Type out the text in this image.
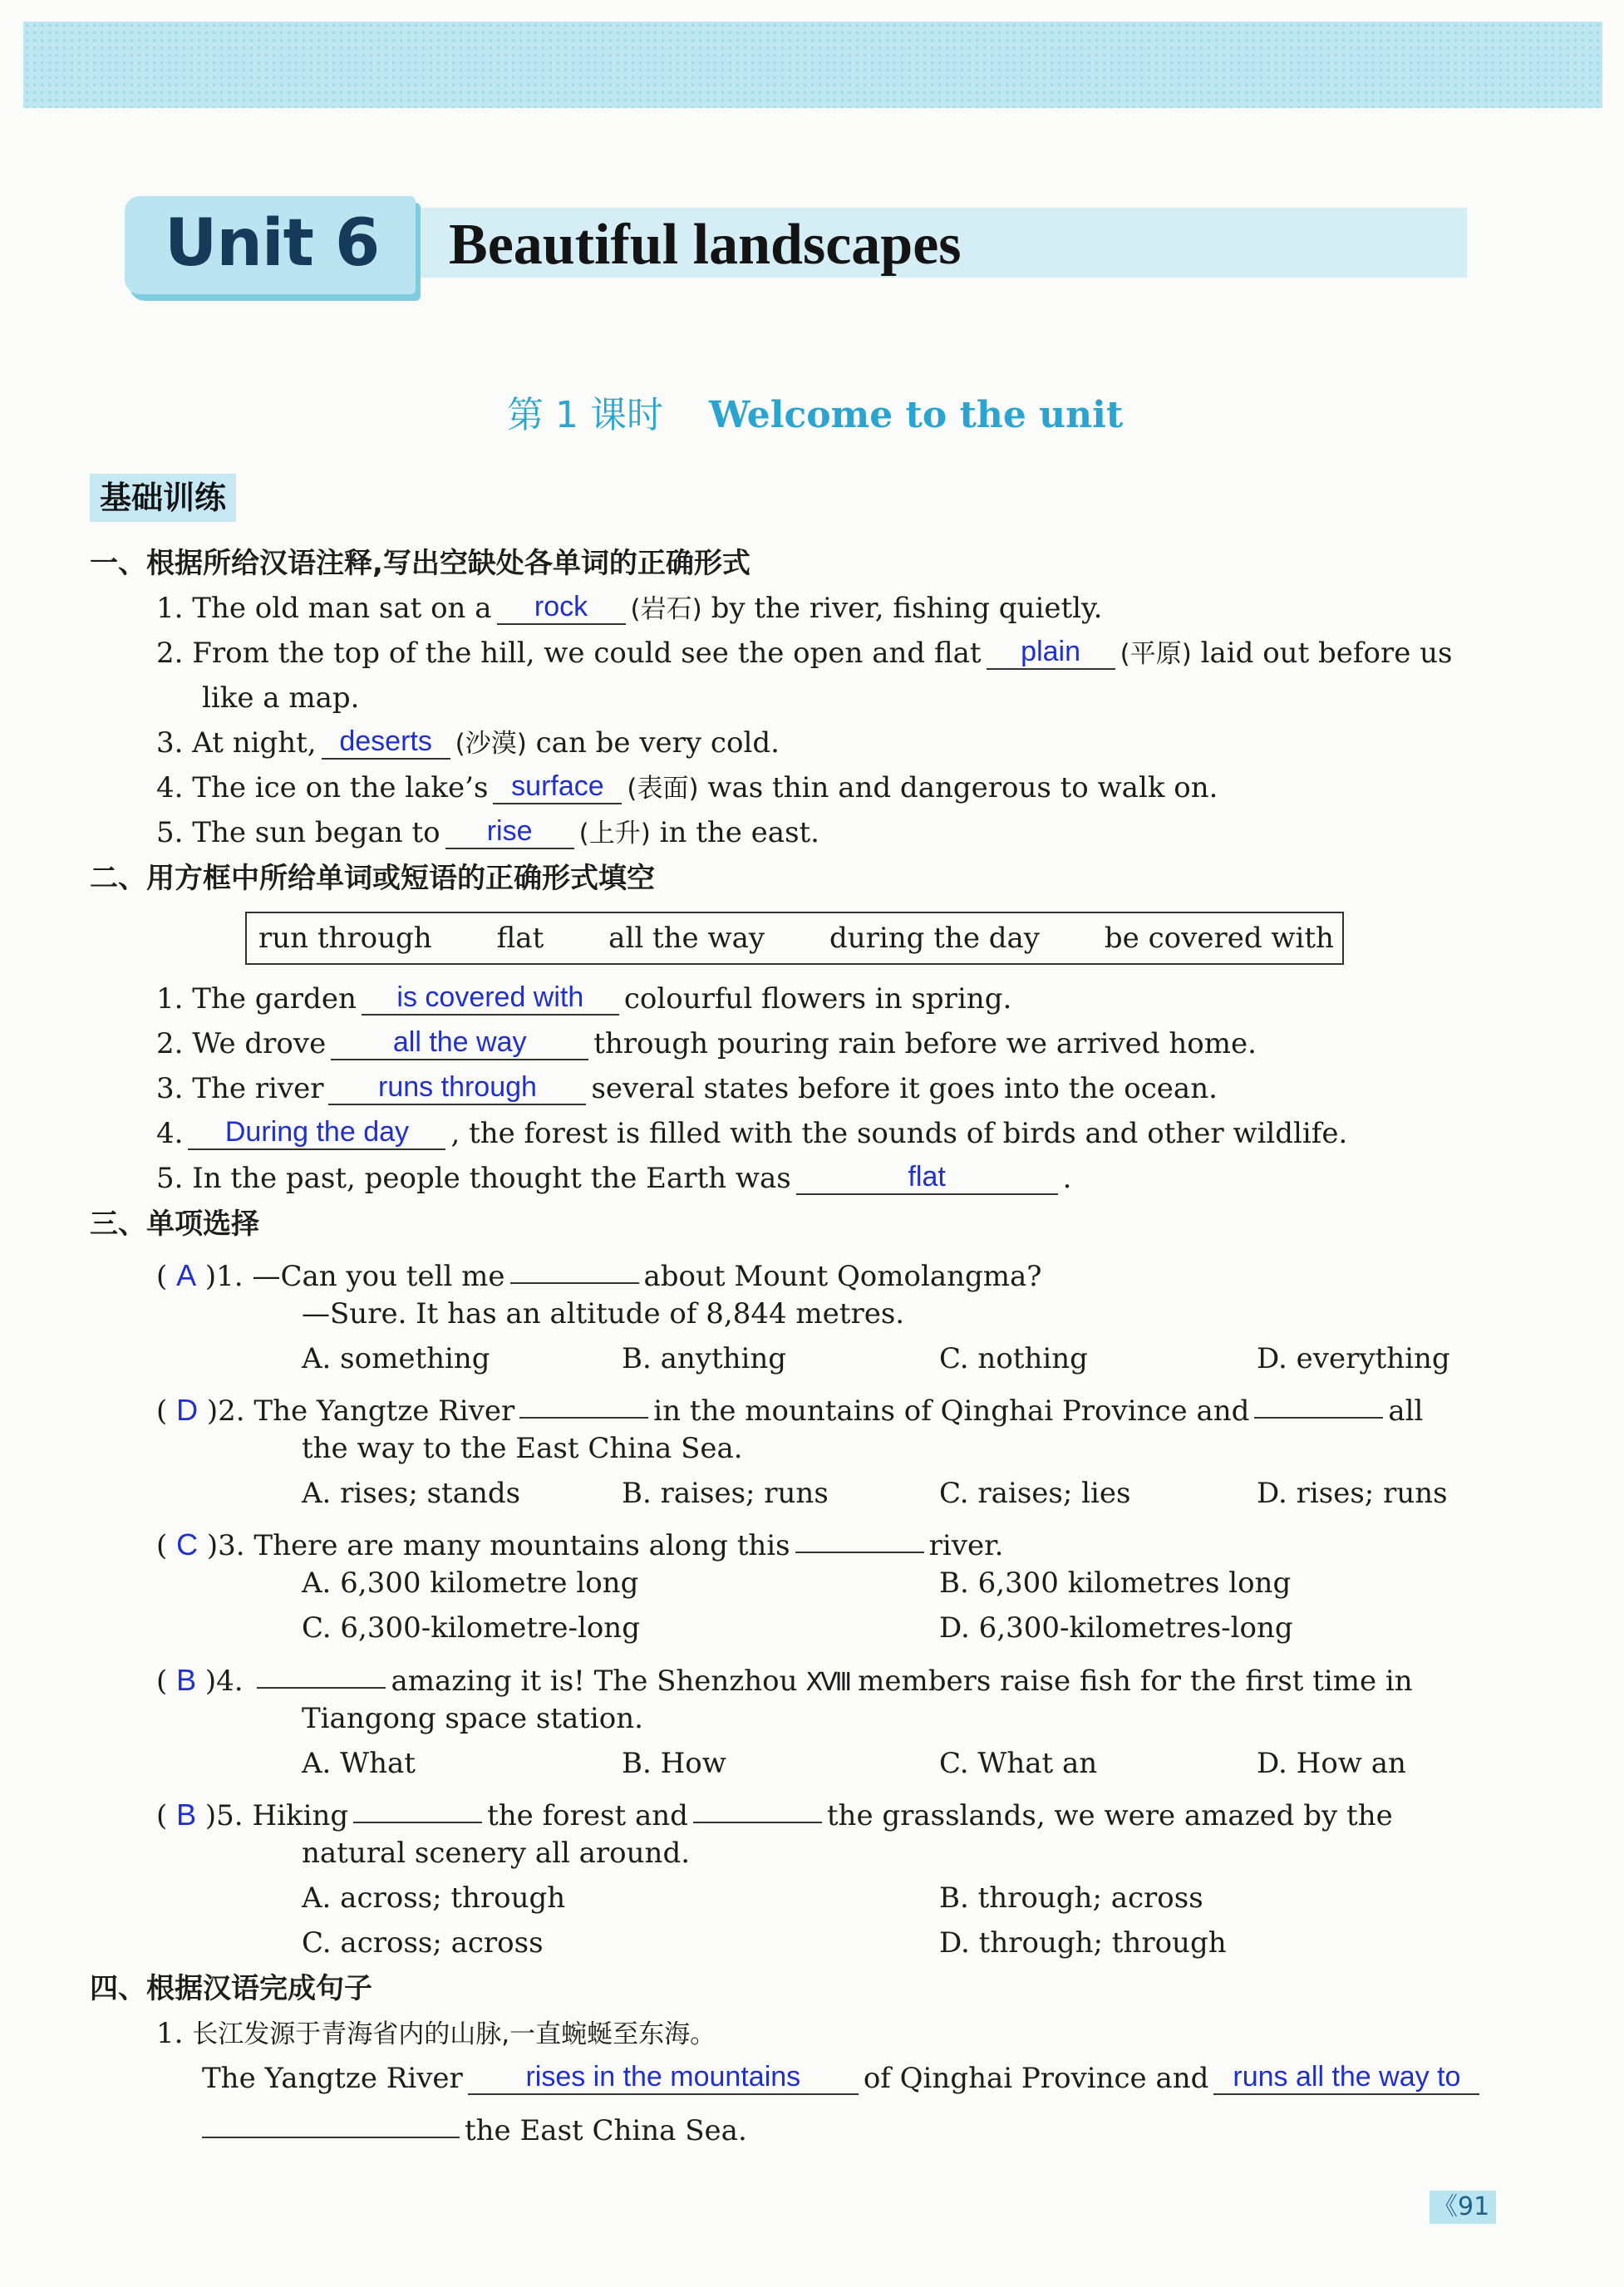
Unit 6 Beautiful landscapes
第 1 课时 Welcome to the unit
基础训练
一、根据所给汉语注释,写出空缺处各单词的正确形式
1. The old man sat on a rock (岩石) by the river, fishing quietly.
2. From the top of the hill, we could see the open and flat plain (平原) laid out before us
like a map.
3. At night, deserts (沙漠) can be very cold.
4. The ice on the lake’s surface (表面) was thin and dangerous to walk on.
5. The sun began to rise (上升) in the east.
二、用方框中所给单词或短语的正确形式填空
run through flat all the way during the day be covered with
1. The garden is covered with colourful flowers in spring.
2. We drove all the way through pouring rain before we arrived home.
3. The river runs through several states before it goes into the ocean.
4. During the day , the forest is filled with the sounds of birds and other wildlife.
5. In the past, people thought the Earth was	flat	.
三、单项选择
( A )1. —Can you tell me	about Mount Qomolangma?
—Sure. It has an altitude of 8,844 metres.
A. something	B. anything	C. nothing	D. everything
( D )2. The Yangtze River	in the mountains of Qinghai Province and	all
the way to the East China Sea.
A. rises; stands	B. raises; runs	C. raises; lies	D. rises; runs
( C )3. There are many mountains along this	river.
A. 6,300 kilometre long	B. 6,300 kilometres long
C. 6,300-kilometre-long	D. 6,300-kilometres-long
( B )4.	amazing it is! The Shenzhou XVIII members raise fish for the first time in
Tiangong space station.
A. What	B. How	C. What an	D. How an
( B )5. Hiking	the forest and	the grasslands, we were amazed by the
natural scenery all around.
A. across; through	B. through; across
C. across; across	D. through; through
四、根据汉语完成句子
1. 长江发源于青海省内的山脉,一直蜿蜒至东海。
The Yangtze River rises in the mountains of Qinghai Province and runs all the way to
the East China Sea.
《91
